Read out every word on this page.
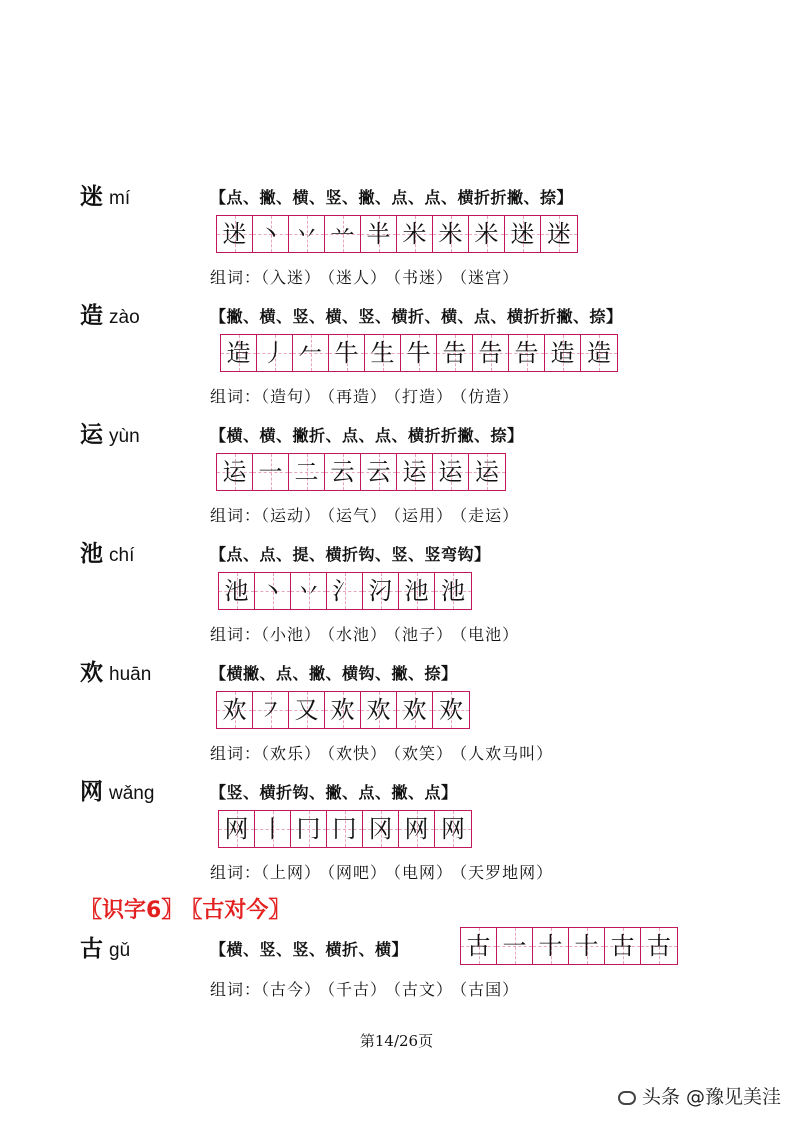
迷 mí	【点、撇、横、竖、撇、点、点、横折折撇、捺】
迷 丶 丷 䒑 半 米 米 米 迷 迷
组词：（入迷） （迷人） （书迷） （迷宫）
造 zào	【撇、横、竖、横、竖、横折、横、点、横折折撇、捺】
造 丿 𠂉 牛 生 牛 告 告 告 造 造
组词：（造句） （再造） （打造） （仿造）
运 yùn	【横、横、撇折、点、点、横折折撇、捺】
运 一 二 云 云 运 运 运
组词：（运动） （运气） （运用） （走运）
池 chí	【点、点、提、横折钩、竖、竖弯钩】
池 丶 丷 氵 汈 池 池
组词：（小池） （水池） （池子） （电池）
欢 huān	【横撇、点、撇、横钩、撇、捺】
欢 ㇇ 又 欢 欢 欢 欢
组词：（欢乐） （欢快） （欢笑） （人欢马叫）
网 wǎng	【竖、横折钩、撇、点、撇、点】
网 丨 冂 冂 冈 网 网
组词：（上网） （网吧） （电网） （天罗地网）
〖识字6〗 〖古对今〗
古 gǔ	【横、竖、竖、横折、横】 古 一 十 十 古 古
组词：（古今） （千古） （古文） （古国）
第14/26页
头条 @豫见美洼
